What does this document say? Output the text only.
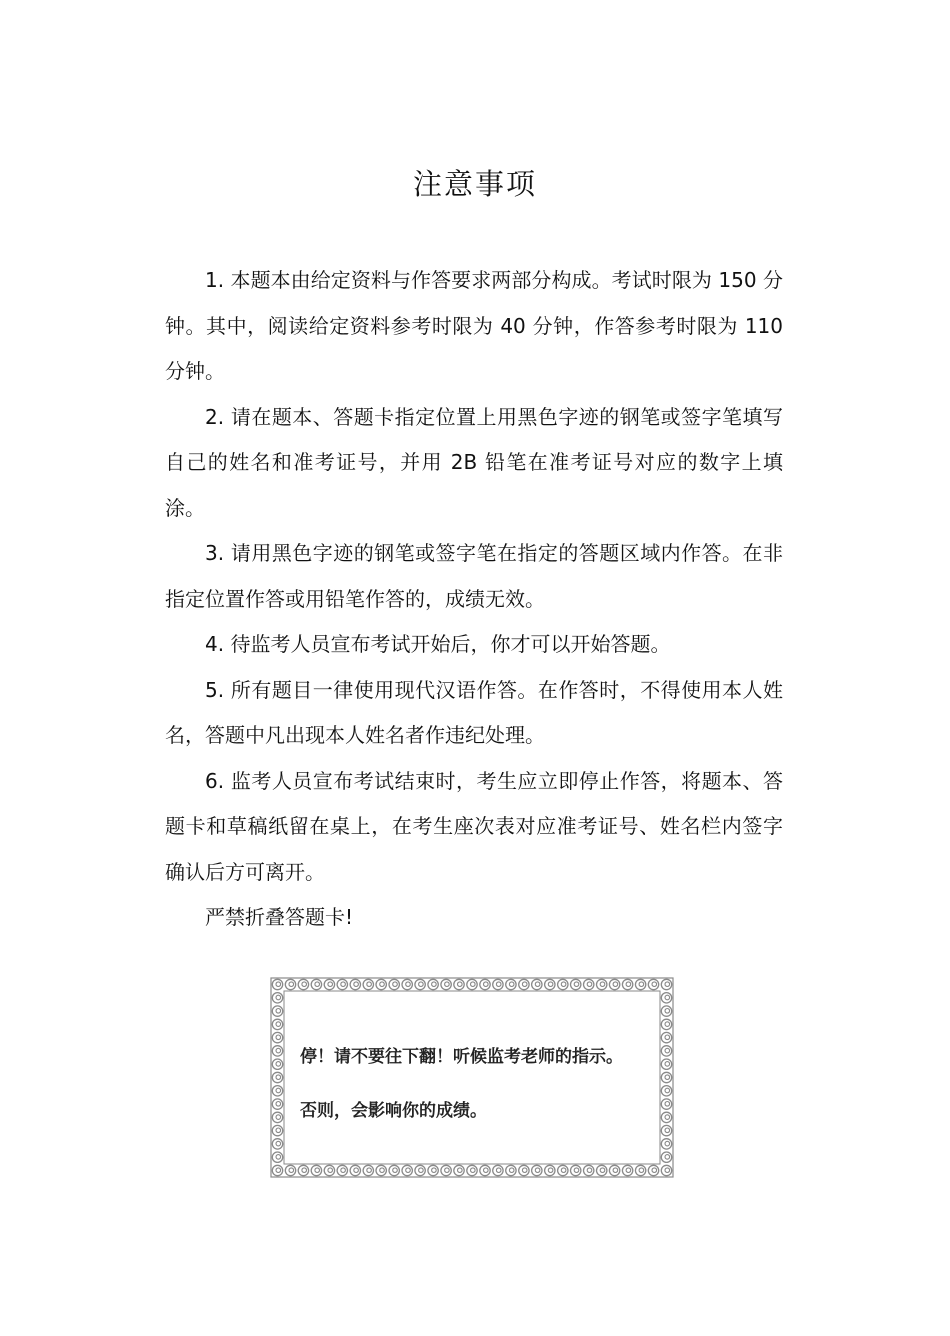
注意事项

1. 本题本由给定资料与作答要求两部分构成。考试时限为 150 分钟。其中，阅读给定资料参考时限为 40 分钟，作答参考时限为 110 分钟。

2. 请在题本、答题卡指定位置上用黑色字迹的钢笔或签字笔填写自己的姓名和准考证号，并用 2B 铅笔在准考证号对应的数字上填涂。

3. 请用黑色字迹的钢笔或签字笔在指定的答题区域内作答。在非指定位置作答或用铅笔作答的，成绩无效。

4. 待监考人员宣布考试开始后，你才可以开始答题。

5. 所有题目一律使用现代汉语作答。在作答时，不得使用本人姓名，答题中凡出现本人姓名者作违纪处理。

6. 监考人员宣布考试结束时，考生应立即停止作答，将题本、答题卡和草稿纸留在桌上，在考生座次表对应准考证号、姓名栏内签字确认后方可离开。

严禁折叠答题卡!

停！请不要往下翻！听候监考老师的指示。
否则，会影响你的成绩。
